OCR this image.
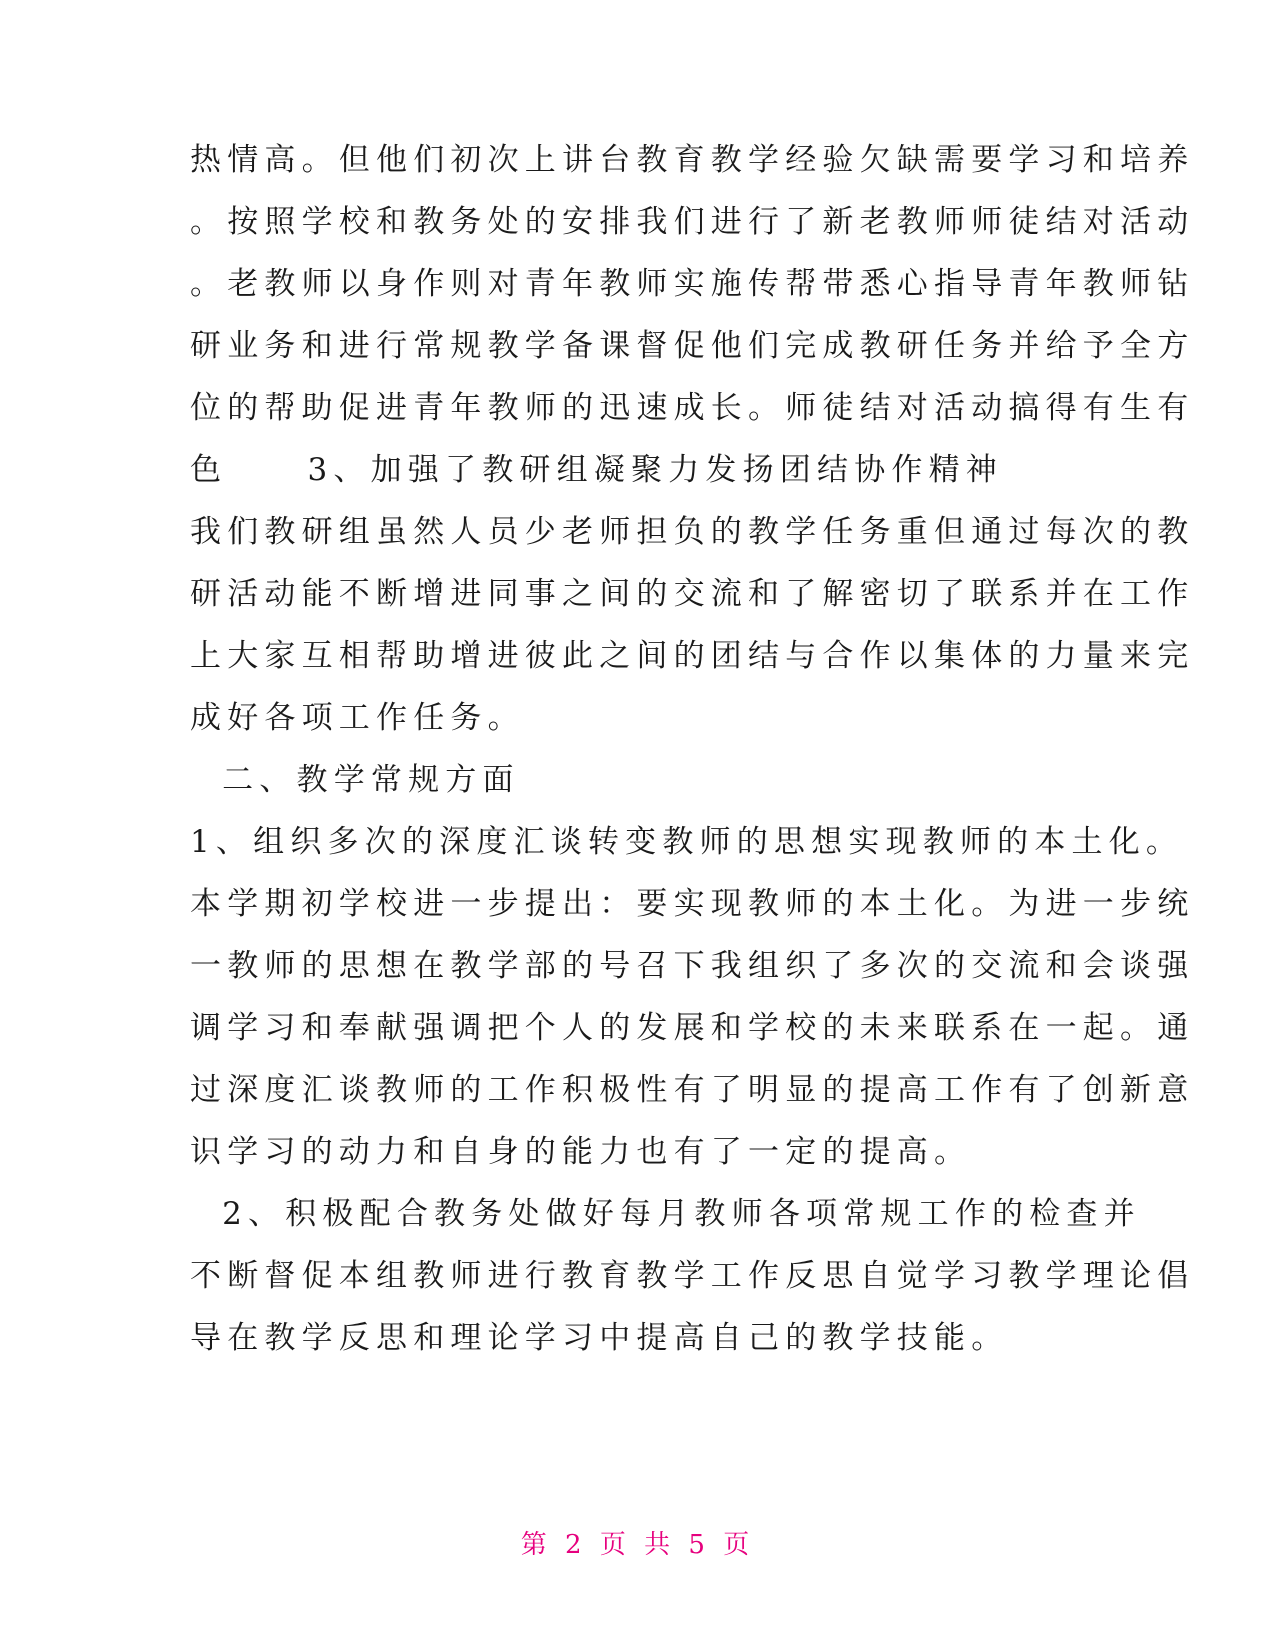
热情高。但他们初次上讲台教育教学经验欠缺需要学习和培养
。按照学校和教务处的安排我们进行了新老教师师徒结对活动
。老教师以身作则对青年教师实施传帮带悉心指导青年教师钻
研业务和进行常规教学备课督促他们完成教研任务并给予全方
位的帮助促进青年教师的迅速成长。师徒结对活动搞得有生有
色     3、加强了教研组凝聚力发扬团结协作精神
我们教研组虽然人员少老师担负的教学任务重但通过每次的教
研活动能不断增进同事之间的交流和了解密切了联系并在工作
上大家互相帮助增进彼此之间的团结与合作以集体的力量来完
成好各项工作任务。
二、教学常规方面
1、组织多次的深度汇谈转变教师的思想实现教师的本土化。
本学期初学校进一步提出：要实现教师的本土化。为进一步统
一教师的思想在教学部的号召下我组织了多次的交流和会谈强
调学习和奉献强调把个人的发展和学校的未来联系在一起。通
过深度汇谈教师的工作积极性有了明显的提高工作有了创新意
识学习的动力和自身的能力也有了一定的提高。
2、积极配合教务处做好每月教师各项常规工作的检查并
不断督促本组教师进行教育教学工作反思自觉学习教学理论倡
导在教学反思和理论学习中提高自己的教学技能。
第 2 页 共 5 页
